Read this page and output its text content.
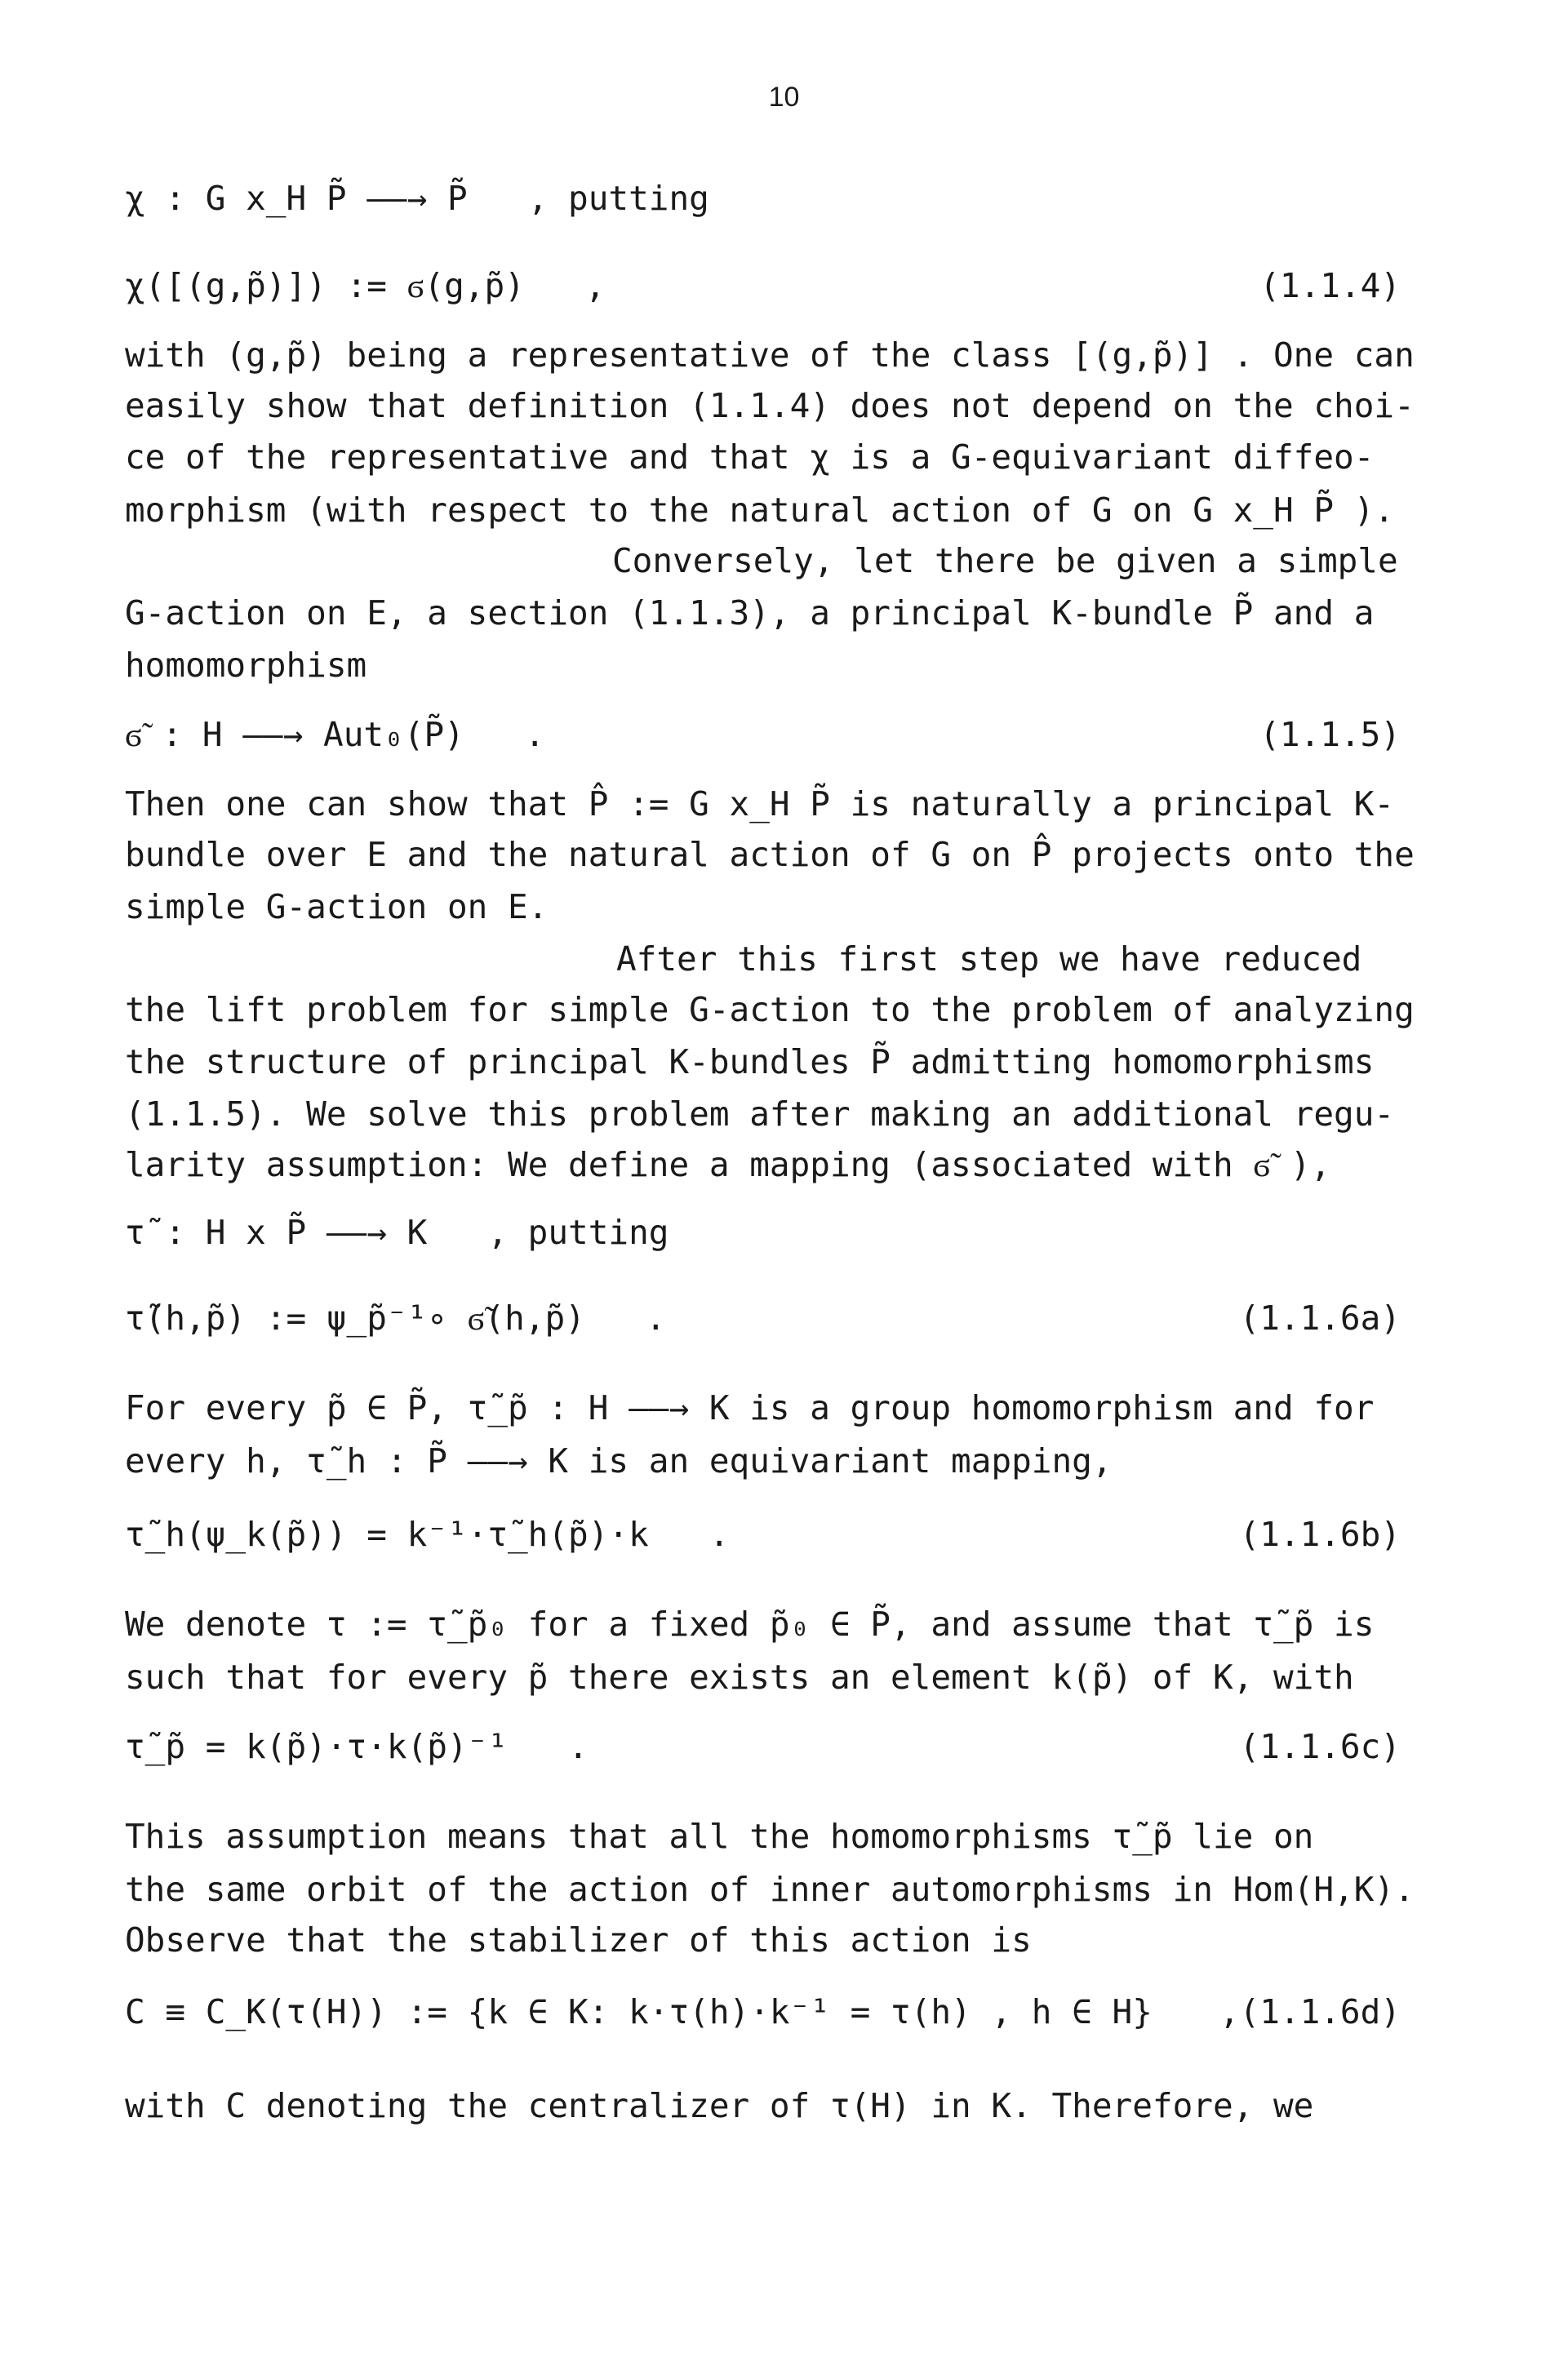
10
χ : G x_H P̃ ——→ P̃   , putting
χ([(g,p̃)]) := ϭ(g,p̃)   ,	(1.1.4)
with (g,p̃) being a representative of the class [(g,p̃)] . One can
easily show that definition (1.1.4) does not depend on the choi-
ce of the representative and that χ is a G-equivariant diffeo-
morphism (with respect to the natural action of G on G x_H P̃ ).
Conversely, let there be given a simple
G-action on E, a section (1.1.3), a principal K-bundle P̃ and a
homomorphism
ϭ̃ : H ——→ Aut₀(P̃)   .	(1.1.5)
Then one can show that P̂ := G x_H P̃ is naturally a principal K-
bundle over E and the natural action of G on P̂ projects onto the
simple G-action on E.
After this first step we have reduced
the lift problem for simple G-action to the problem of analyzing
the structure of principal K-bundles P̃ admitting homomorphisms
(1.1.5). We solve this problem after making an additional regu-
larity assumption: We define a mapping (associated with ϭ̃ ),
τ̃ : H x P̃ ——→ K   , putting
τ̃(h,p̃) := ψ_p̃⁻¹∘ ϭ̃(h,p̃)   .	(1.1.6a)
For every p̃ ∈ P̃, τ̃_p̃ : H ——→ K is a group homomorphism and for
every h, τ̃_h : P̃ ——→ K is an equivariant mapping,
τ̃_h(ψ_k(p̃)) = k⁻¹·τ̃_h(p̃)·k   .	(1.1.6b)
We denote τ := τ̃_p̃₀ for a fixed p̃₀ ∈ P̃, and assume that τ̃_p̃ is
such that for every p̃ there exists an element k(p̃) of K, with
τ̃_p̃ = k(p̃)·τ·k(p̃)⁻¹   .	(1.1.6c)
This assumption means that all the homomorphisms τ̃_p̃ lie on
the same orbit of the action of inner automorphisms in Hom(H,K).
Observe that the stabilizer of this action is
C ≡ C_K(τ(H)) := {k ∈ K: k·τ(h)·k⁻¹ = τ(h) , h ∈ H} ,(1.1.6d)
with C denoting the centralizer of τ(H) in K. Therefore, we
